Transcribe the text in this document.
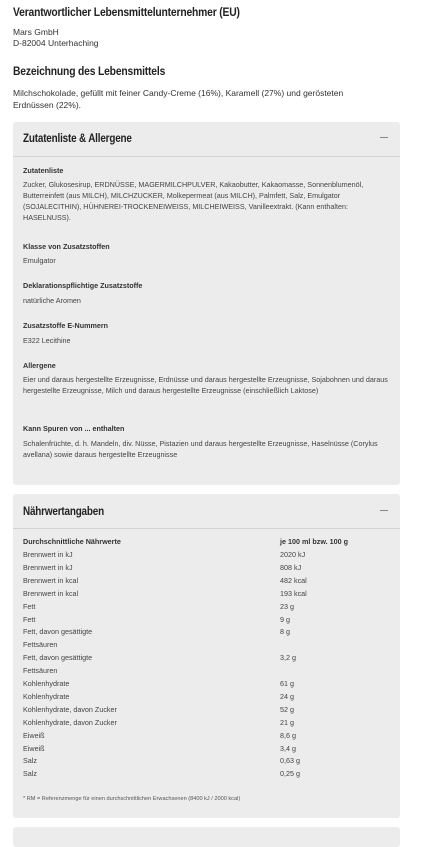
Verantwortlicher Lebensmittelunternehmer (EU)
Mars GmbH
D-82004 Unterhaching
Bezeichnung des Lebensmittels
Milchschokolade, gefüllt mit feiner Candy-Creme (16%), Karamell (27%) und gerösteten Erdnüssen (22%).
Zutatenliste & Allergene
Zutatenliste
Zucker, Glukosesirup, ERDNÜSSE, MAGERMILCHPULVER, Kakaobutter, Kakaomasse, Sonnenblumenöl, Butterreinfett (aus MILCH), MILCHZUCKER, Molkepermeat (aus MILCH), Palmfett, Salz, Emulgator (SOJALECITHIN), HÜHNEREI-TROCKENEIWEISS, MILCHEIWEISS, Vanilleextrakt. (Kann enthalten: HASELNUSS).
Klasse von Zusatzstoffen
Emulgator
Deklarationspflichtige Zusatzstoffe
natürliche Aromen
Zusatzstoffe E-Nummern
E322 Lecithine
Allergene
Eier und daraus hergestellte Erzeugnisse, Erdnüsse und daraus hergestellte Erzeugnisse, Sojabohnen und daraus hergestellte Erzeugnisse, Milch und daraus hergestellte Erzeugnisse (einschließlich Laktose)
Kann Spuren von ... enthalten
Schalenfrüchte, d. h. Mandeln, div. Nüsse, Pistazien und daraus hergestellte Erzeugnisse, Haselnüsse (Corylus avellana) sowie daraus hergestellte Erzeugnisse
Nährwertangaben
Durchschnittliche Nährwerte	je 100 ml bzw. 100 g
Brennwert in kJ	2020 kJ
Brennwert in kJ	808 kJ
Brennwert in kcal	482 kcal
Brennwert in kcal	193 kcal
Fett	23 g
Fett	9 g
Fett, davon gesättigte	8 g
Fettsäuren
Fett, davon gesättigte	3,2 g
Fettsäuren
Kohlenhydrate	61 g
Kohlenhydrate	24 g
Kohlenhydrate, davon Zucker	52 g
Kohlenhydrate, davon Zucker	21 g
Eiweiß	8,6 g
Eiweiß	3,4 g
Salz	0,63 g
Salz	0,25 g
* RM = Referenzmenge für einen durchschnittlichen Erwachsenen (8400 kJ / 2000 kcal)
